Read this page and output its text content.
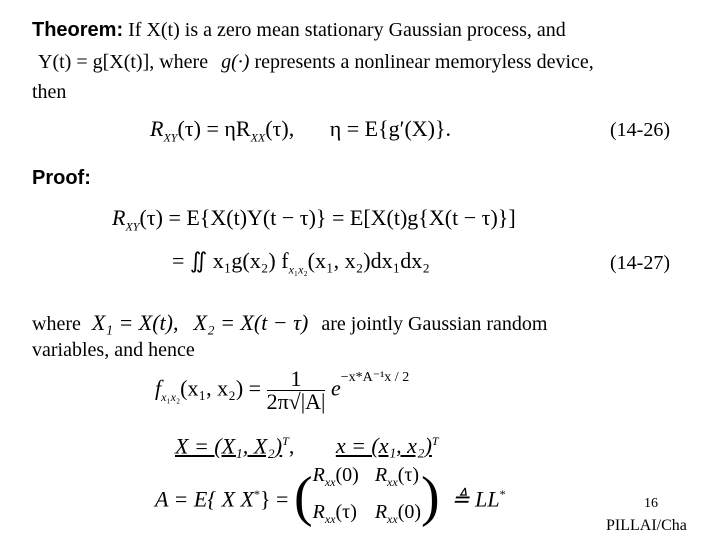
Theorem: If X(t) is a zero mean stationary Gaussian process, and
Y(t) = g[X(t)], where g(·) represents a nonlinear memoryless device,
then
$R_{XY}(\tau) = \eta R_{XX}(\tau)$, η = E{g′(X)}.	(14-26)
Proof:
$R_{XY}(\tau) = E\{X(t)Y(t - \tau)\} = E[X(t)g\{X(t - \tau)\}]$
= ∬ x₁g(x₂) $f_{x_1x_2}(x_1$, x₂)dx₁dx₂	(14-27)
where X₁ = X(t), X₂ = X(t − τ) are jointly Gaussian random
variables, and hence
$f_{x_1x_2}(x_1$, $x_2) = \frac{1}{2\pi√|A|} e^{-x*A^{-1}x / 2}$
X = (X₁, X₂)$^T$, x = (x₁, x₂)$^T$
A = E{ X X*} = ( $R_{xx}(0)$ $R_{xx}(\tau)$
$R_{xx}(\tau)$ $R_{xx}(0)$ ) ≜ LL*
16
PILLAI/Cha
